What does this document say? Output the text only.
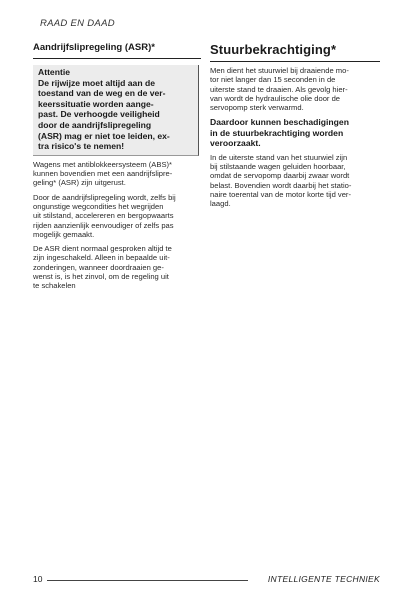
RAAD EN DAAD
Aandrijfslipregeling (ASR)*
Attentie
De rijwijze moet altijd aan de
toestand van de weg en de ver-
keerssituatie worden aange-
past. De verhoogde veiligheid
door de aandrijfslipregeling
(ASR) mag er niet toe leiden, ex-
tra risico's te nemen!
Wagens met antiblokkeersysteem (ABS)*
kunnen bovendien met een aandrijfslipre-
geling* (ASR) zijn uitgerust.
Door de aandrijfslipregeling wordt, zelfs bij
ongunstige wegcondities het wegrijden
uit stilstand, accelereren en bergopwaarts
rijden aanzienlijk eenvoudiger of zelfs pas
mogelijk gemaakt.
De ASR dient normaal gesproken altijd te
zijn ingeschakeld. Alleen in bepaalde uit-
zonderingen, wanneer doordraaien ge-
wenst is, is het zinvol, om de regeling uit
te schakelen
Stuurbekrachtiging*
Men dient het stuurwiel bij draaiende mo-
tor niet langer dan 15 seconden in de
uiterste stand te draaien. Als gevolg hier-
van wordt de hydraulische olie door de
servopomp sterk verwarmd.
Daardoor kunnen beschadigingen
in de stuurbekrachtiging worden
veroorzaakt.
In de uiterste stand van het stuurwiel zijn
bij stilstaande wagen geluiden hoorbaar,
omdat de servopomp daarbij zwaar wordt
belast. Bovendien wordt daarbij het statio-
naire toerental van de motor korte tijd ver-
laagd.
10	INTELLIGENTE TECHNIEK
